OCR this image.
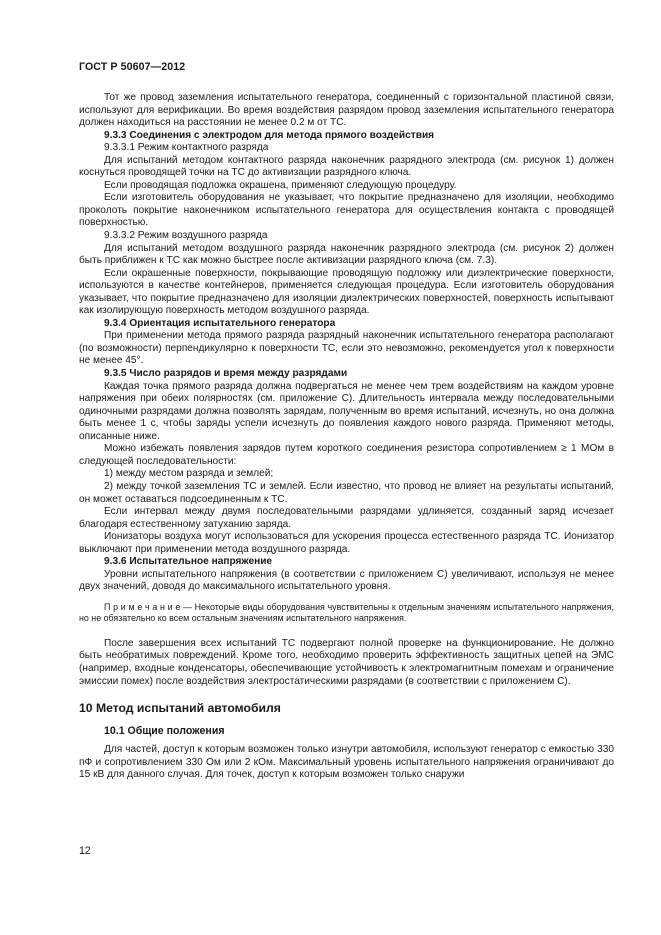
ГОСТ Р 50607—2012

Тот же провод заземления испытательного генератора, соединенный с горизонтальной пластиной связи, используют для верификации. Во время воздействия разрядом провод заземления испытательного генератора должен находиться на расстоянии не менее 0.2 м от ТС.

9.3.3 Соединения с электродом для метода прямого воздействия

9.3.3.1 Режим контактного разряда

Для испытаний методом контактного разряда наконечник разрядного электрода (см. рисунок 1) должен коснуться проводящей точки на ТС до активизации разрядного ключа.

Если проводящая подложка окрашена, применяют следующую процедуру.

Если изготовитель оборудования не указывает, что покрытие предназначено для изоляции, необходимо проколоть покрытие наконечником испытательного генератора для осуществления контакта с проводящей поверхностью.

9.3.3.2 Режим воздушного разряда

Для испытаний методом воздушного разряда наконечник разрядного электрода (см. рисунок 2) должен быть приближен к ТС как можно быстрее после активизации разрядного ключа (см. 7.3).

Если окрашенные поверхности, покрывающие проводящую подложку или диэлектрические поверхности, используются в качестве контейнеров, применяется следующая процедура. Если изготовитель оборудования указывает, что покрытие предназначено для изоляции диэлектрических поверхностей, поверхность испытывают как изолирующую поверхность методом воздушного разряда.

9.3.4 Ориентация испытательного генератора

При применении метода прямого разряда разрядный наконечник испытательного генератора располагают (по возможности) перпендикулярно к поверхности ТС, если это невозможно, рекомендуется угол к поверхности не менее 45°.

9.3.5 Число разрядов и время между разрядами

Каждая точка прямого разряда должна подвергаться не менее чем трем воздействиям на каждом уровне напряжения при обеих полярностях (см. приложение С). Длительность интервала между последовательными одиночными разрядами должна позволять зарядам, полученным во время испытаний, исчезнуть, но она должна быть менее 1 с, чтобы заряды успели исчезнуть до появления каждого нового разряда. Применяют методы, описанные ниже.

Можно избежать появления зарядов путем короткого соединения резистора сопротивлением ≥ 1 МОм в следующей последовательности:

1) между местом разряда и землей;

2) между точкой заземления ТС и землей. Если известно, что провод не влияет на результаты испытаний, он может оставаться подсоединенным к ТС.

Если интервал между двумя последовательными разрядами удлиняется, созданный заряд исчезает благодаря естественному затуханию заряда.

Ионизаторы воздуха могут использоваться для ускорения процесса естественного разряда ТС. Ионизатор выключают при применении метода воздушного разряда.

9.3.6 Испытательное напряжение

Уровни испытательного напряжения (в соответствии с приложением С) увеличивают, используя не менее двух значений, доводя до максимального испытательного уровня.

П р и м е ч а н и е — Некоторые виды оборудования чувствительны к отдельным значениям испытательного напряжения, но не обязательно ко всем остальным значениям испытательного напряжения.

После завершения всех испытаний ТС подвергают полной проверке на функционирование. Не должно быть необратимых повреждений. Кроме того, необходимо проверить эффективность защитных цепей на ЭМС (например, входные конденсаторы, обеспечивающие устойчивость к электромагнитным помехам и ограничение эмиссии помех) после воздействия электростатическими разрядами (в соответствии с приложением С).

10 Метод испытаний автомобиля
10.1 Общие положения

Для частей, доступ к которым возможен только изнутри автомобиля, используют генератор с емкостью 330 пФ и сопротивлением 330 Ом или 2 кОм. Максимальный уровень испытательного напряжения ограничивают до 15 кВ для данного случая. Для точек, доступ к которым возможен только снаружи

12
